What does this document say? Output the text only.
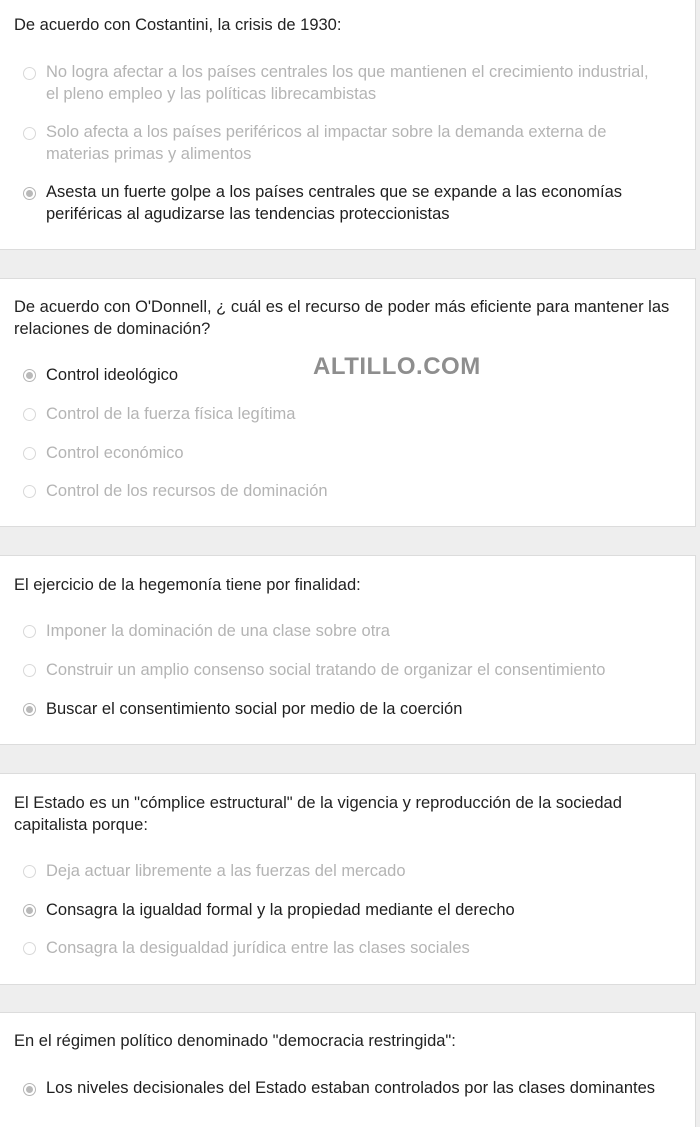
De acuerdo con Costantini, la crisis de 1930:
No logra afectar a los países centrales los que mantienen el crecimiento industrial, el pleno empleo y las políticas librecambistas
Solo afecta a los países periféricos al impactar sobre la demanda externa de materias primas y alimentos
Asesta un fuerte golpe a los países centrales que se expande a las economías periféricas al agudizarse las tendencias proteccionistas
De acuerdo con O'Donnell, ¿ cuál es el recurso de poder más eficiente para mantener las relaciones de dominación?
Control ideológico
Control de la fuerza física legítima
Control económico
Control de los recursos de dominación
El ejercicio de la hegemonía tiene por finalidad:
Imponer la dominación de una clase sobre otra
Construir un amplio consenso social tratando de organizar el consentimiento
Buscar el consentimiento social por medio de la coerción
El Estado es un "cómplice estructural" de la vigencia y reproducción de la sociedad capitalista porque:
Deja actuar libremente a las fuerzas del mercado
Consagra la igualdad formal y la propiedad mediante el derecho
Consagra la desigualdad jurídica entre las clases sociales
En el régimen político denominado "democracia restringida":
Los niveles decisionales del Estado estaban controlados por las clases dominantes
ALTILLO.COM
